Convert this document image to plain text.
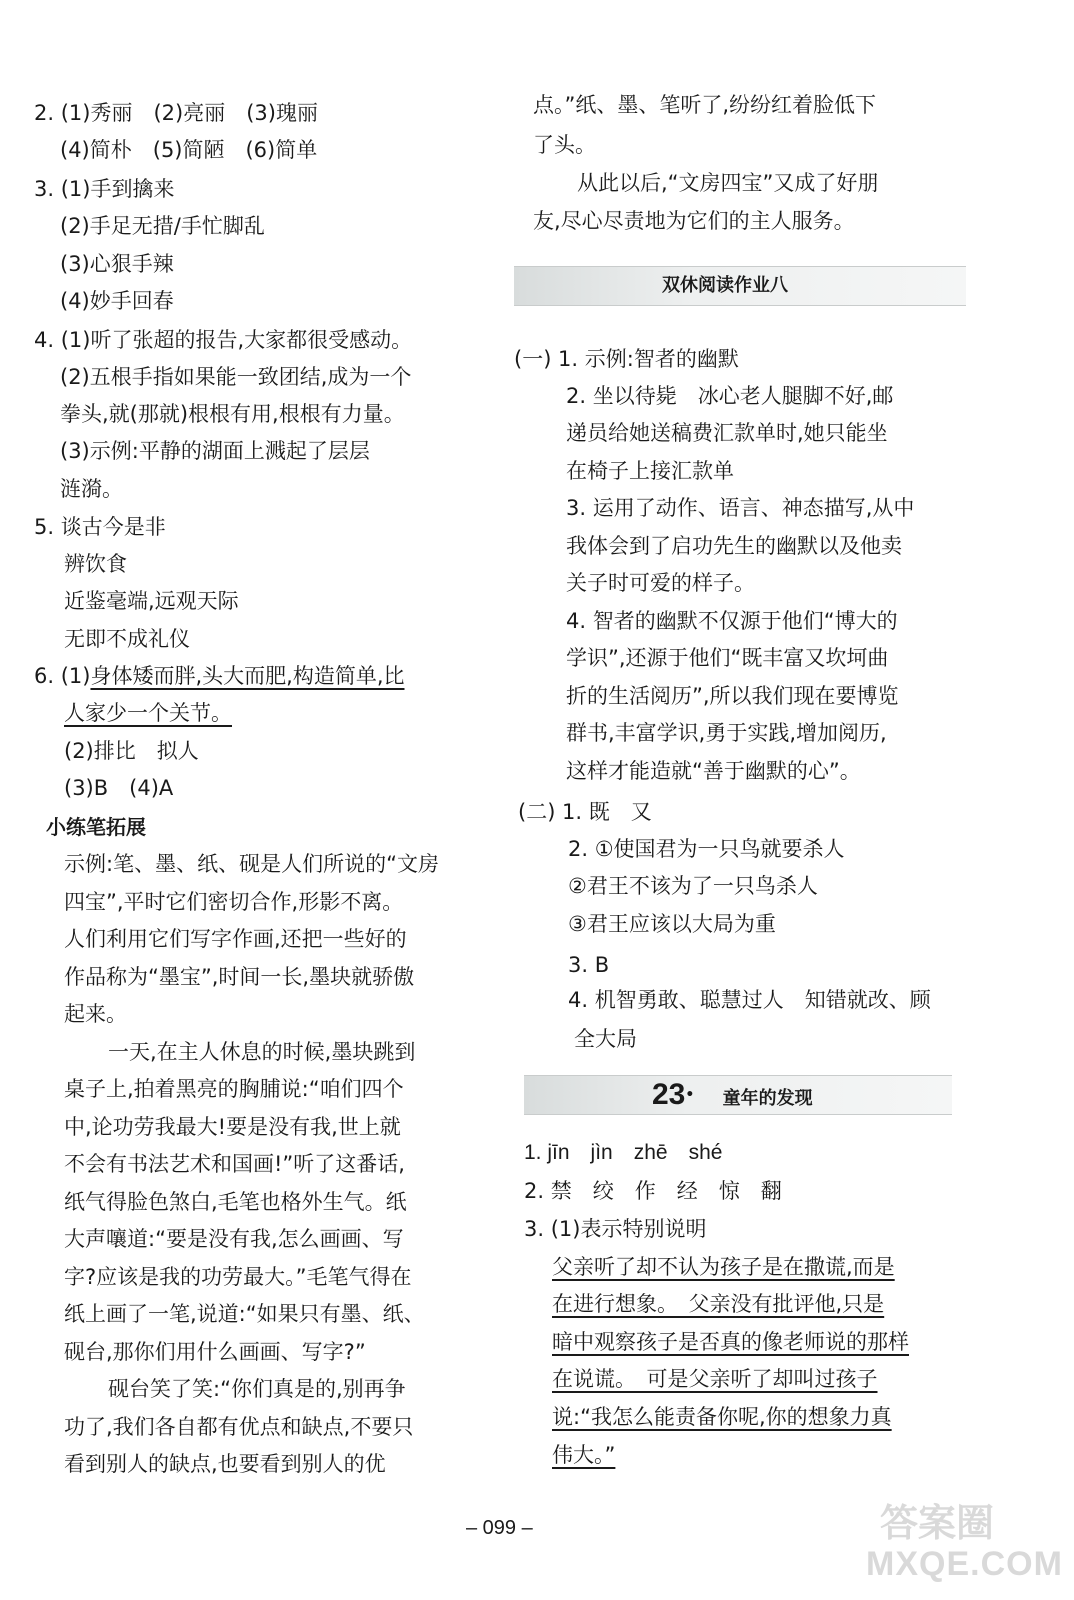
2. (1)秀丽　(2)亮丽　(3)瑰丽
(4)简朴　(5)简陋　(6)简单
3. (1)手到擒来
(2)手足无措/手忙脚乱
(3)心狠手辣
(4)妙手回春
4. (1)听了张超的报告,大家都很受感动。
(2)五根手指如果能一致团结,成为一个
拳头,就(那就)根根有用,根根有力量。
(3)示例:平静的湖面上溅起了层层
涟漪。
5. 谈古今是非
辨饮食
近鉴毫端,远观天际
无即不成礼仪
6. (1)身体矮而胖,头大而肥,构造简单,比
人家少一个关节。
(2)排比　拟人
(3)B　(4)A
小练笔拓展
示例:笔、墨、纸、砚是人们所说的“文房
四宝”,平时它们密切合作,形影不离。
人们利用它们写字作画,还把一些好的
作品称为“墨宝”,时间一长,墨块就骄傲
起来。
一天,在主人休息的时候,墨块跳到
桌子上,拍着黑亮的胸脯说:“咱们四个
中,论功劳我最大!要是没有我,世上就
不会有书法艺术和国画!”听了这番话,
纸气得脸色煞白,毛笔也格外生气。纸
大声嚷道:“要是没有我,怎么画画、写
字?应该是我的功劳最大。”毛笔气得在
纸上画了一笔,说道:“如果只有墨、纸、
砚台,那你们用什么画画、写字?”
砚台笑了笑:“你们真是的,别再争
功了,我们各自都有优点和缺点,不要只
看到别人的缺点,也要看到别人的优
点。”纸、墨、笔听了,纷纷红着脸低下
了头。
从此以后,“文房四宝”又成了好朋
友,尽心尽责地为它们的主人服务。
双休阅读作业八
(一) 1. 示例:智者的幽默
2. 坐以待毙　冰心老人腿脚不好,邮
递员给她送稿费汇款单时,她只能坐
在椅子上接汇款单
3. 运用了动作、语言、神态描写,从中
我体会到了启功先生的幽默以及他卖
关子时可爱的样子。
4. 智者的幽默不仅源于他们“博大的
学识”,还源于他们“既丰富又坎坷曲
折的生活阅历”,所以我们现在要博览
群书,丰富学识,勇于实践,增加阅历,
这样才能造就“善于幽默的心”。
(二) 1. 既　又
2. ①使国君为一只鸟就要杀人
②君王不该为了一只鸟杀人
③君王应该以大局为重
3. B
4. 机智勇敢、聪慧过人　知错就改、顾
全大局
23• 童年的发现
1. jīn　jìn　zhē　shé
2. 禁　绞　作　经　惊　翻
3. (1)表示特别说明
父亲听了却不认为孩子是在撒谎,而是
在进行想象。　父亲没有批评他,只是
暗中观察孩子是否真的像老师说的那样
在说谎。　可是父亲听了却叫过孩子
说:“我怎么能责备你呢,你的想象力真
伟大。”
– 099 –	答案圈
MXQE.COM
